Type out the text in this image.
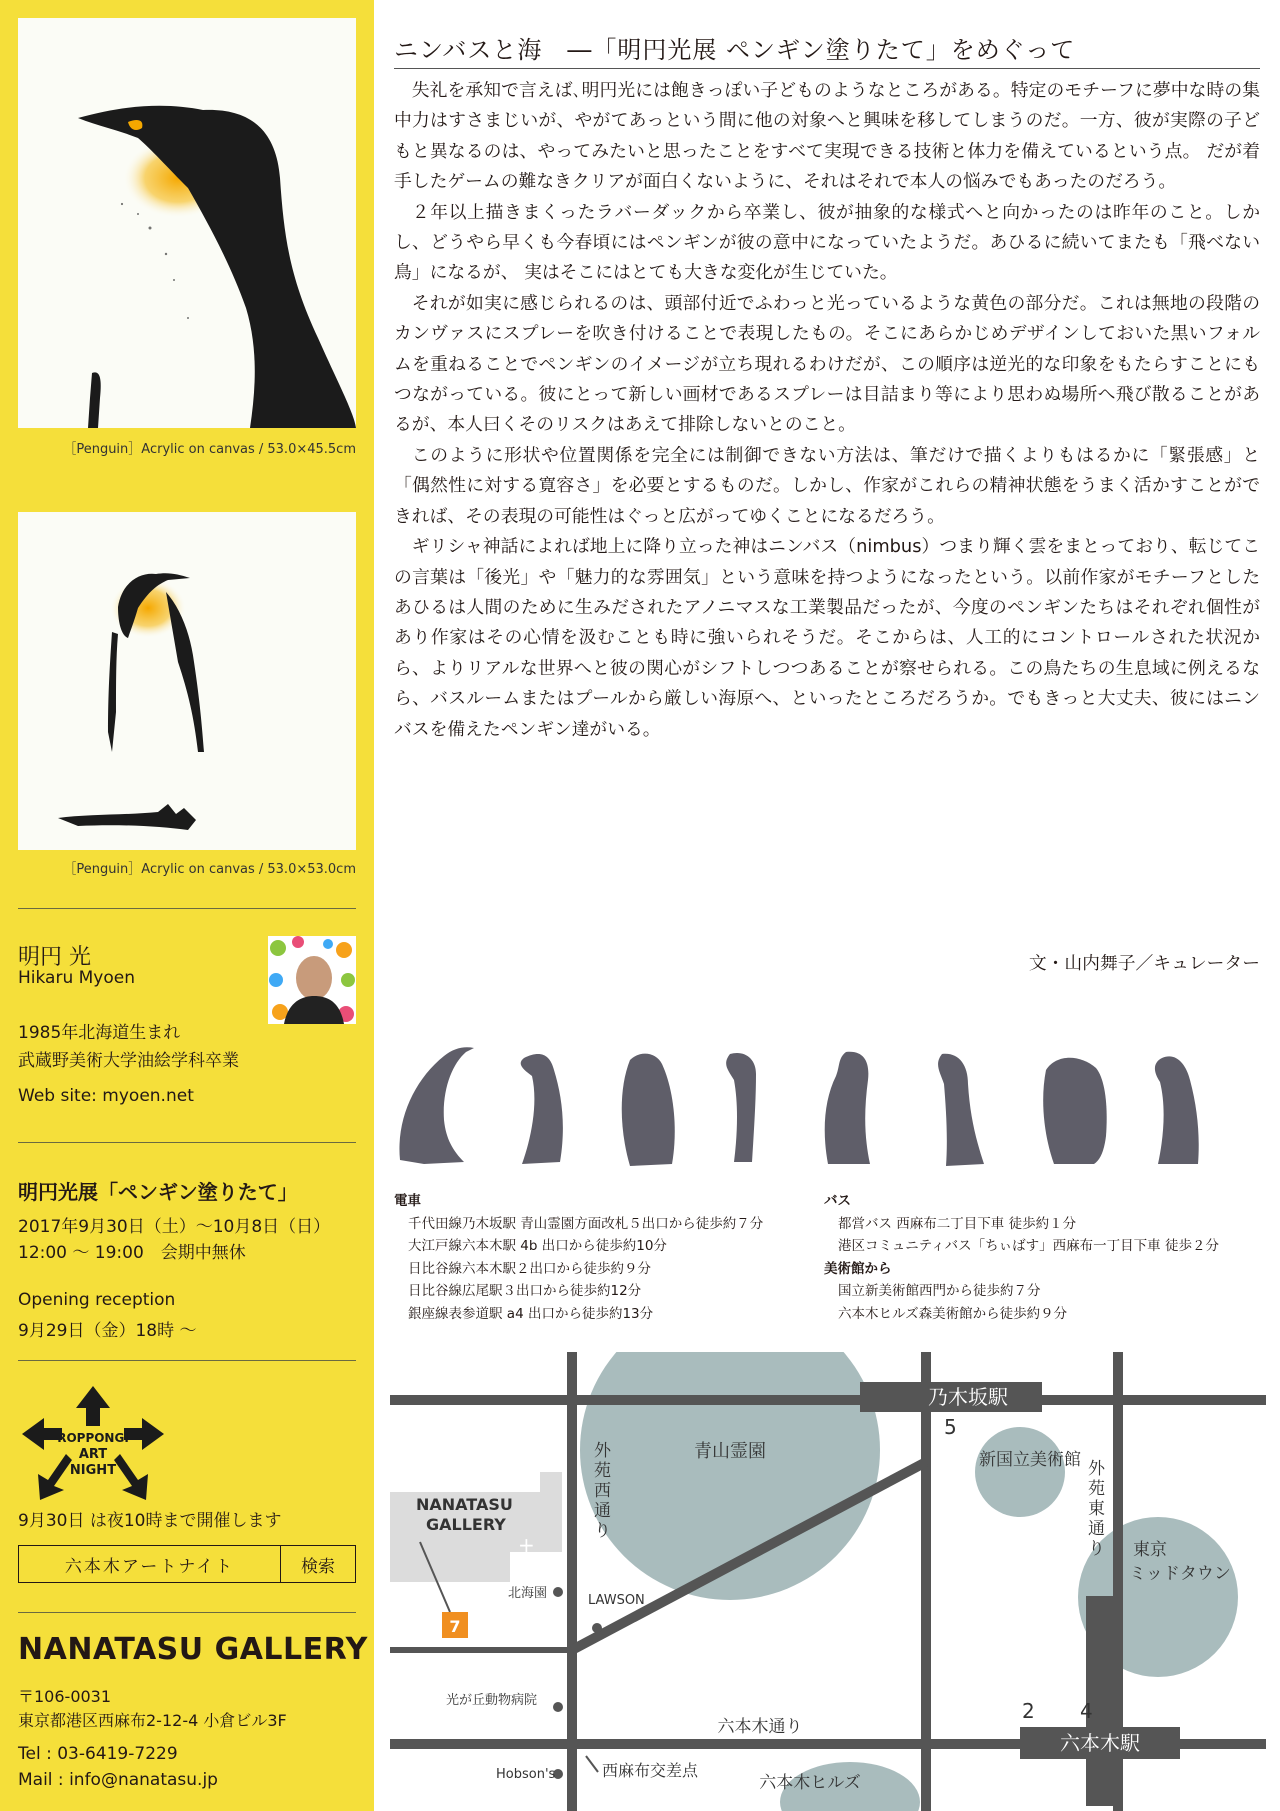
［Penguin］Acrylic on canvas / 53.0×45.5cm
［Penguin］Acrylic on canvas / 53.0×53.0cm
明円 光
Hikaru Myoen
1985年北海道生まれ
武蔵野美術大学油絵学科卒業
Web site: myoen.net
明円光展「ペンギン塗りたて」
2017年9月30日（土）～10月8日（日）
12:00 ～ 19:00　会期中無休
Opening reception
9月29日（金）18時 ～
ROPPONGI
ART
NIGHT
9月30日 は夜10時まで開催します
六本木アートナイト	検索
NANATASU GALLERY
〒106-0031
東京都港区西麻布2-12-4 小倉ビル3F
Tel : 03-6419-7229
Mail : info@nanatasu.jp
ニンバスと海　―「明円光展 ペンギン塗りたて」をめぐって

失礼を承知で言えば､明円光には飽きっぽい子どものようなところがある。特定のモチーフに夢中な時の集中力はすさまじいが、やがてあっという間に他の対象へと興味を移してしまうのだ。一方、彼が実際の子どもと異なるのは、やってみたいと思ったことをすべて実現できる技術と体力を備えているという点。 だが着手したゲームの難なきクリアが面白くないように、それはそれで本人の悩みでもあったのだろう。

２年以上描きまくったラバーダックから卒業し、彼が抽象的な様式へと向かったのは昨年のこと。しかし、どうやら早くも今春頃にはペンギンが彼の意中になっていたようだ。あひるに続いてまたも「飛べない鳥」になるが、 実はそこにはとても大きな変化が生じていた。

それが如実に感じられるのは、頭部付近でふわっと光っているような黄色の部分だ。これは無地の段階のカンヴァスにスプレーを吹き付けることで表現したもの。そこにあらかじめデザインしておいた黒いフォルムを重ねることでペンギンのイメージが立ち現れるわけだが、この順序は逆光的な印象をもたらすことにもつながっている。彼にとって新しい画材であるスプレーは目詰まり等により思わぬ場所へ飛び散ることがあるが、本人曰くそのリスクはあえて排除しないとのこと。

このように形状や位置関係を完全には制御できない方法は、筆だけで描くよりもはるかに「緊張感」と「偶然性に対する寛容さ」を必要とするものだ。しかし、作家がこれらの精神状態をうまく活かすことができれば、その表現の可能性はぐっと広がってゆくことになるだろう。

ギリシャ神話によれば地上に降り立った神はニンバス（nimbus）つまり輝く雲をまとっており、転じてこの言葉は「後光」や「魅力的な雰囲気」という意味を持つようになったという。以前作家がモチーフとしたあひるは人間のために生みだされたアノニマスな工業製品だったが、今度のペンギンたちはそれぞれ個性があり作家はその心情を汲むことも時に強いられそうだ。そこからは、人工的にコントロールされた状況から、よりリアルな世界へと彼の関心がシフトしつつあることが察せられる。この鳥たちの生息域に例えるなら、バスルームまたはプールから厳しい海原へ、といったところだろうか。でもきっと大丈夫、彼にはニンバスを備えたペンギン達がいる。

文・山内舞子／キュレーター
電車
千代田線乃木坂駅 青山霊園方面改札５出口から徒歩約７分
大江戸線六本木駅 4b 出口から徒歩約10分
日比谷線六本木駅２出口から徒歩約９分
日比谷線広尾駅３出口から徒歩約12分
銀座線表参道駅 a4 出口から徒歩約13分
バス
都営バス 西麻布二丁目下車 徒歩約１分
港区コミュニティバス「ちぃばす」西麻布一丁目下車 徒歩２分
美術館から
国立新美術館西門から徒歩約７分
六本木ヒルズ森美術館から徒歩約９分
乃木坂駅
六本木駅
青山霊園	新国立美術館
東京
ミッドタウン
六本木ヒルズ
六本木通り
外
苑
西
通
り
外
苑
東
通
り
5
2 4
NANATASU
GALLERY
+
7
北海園	LAWSON
光が丘動物病院
Hobson's	西麻布交差点
